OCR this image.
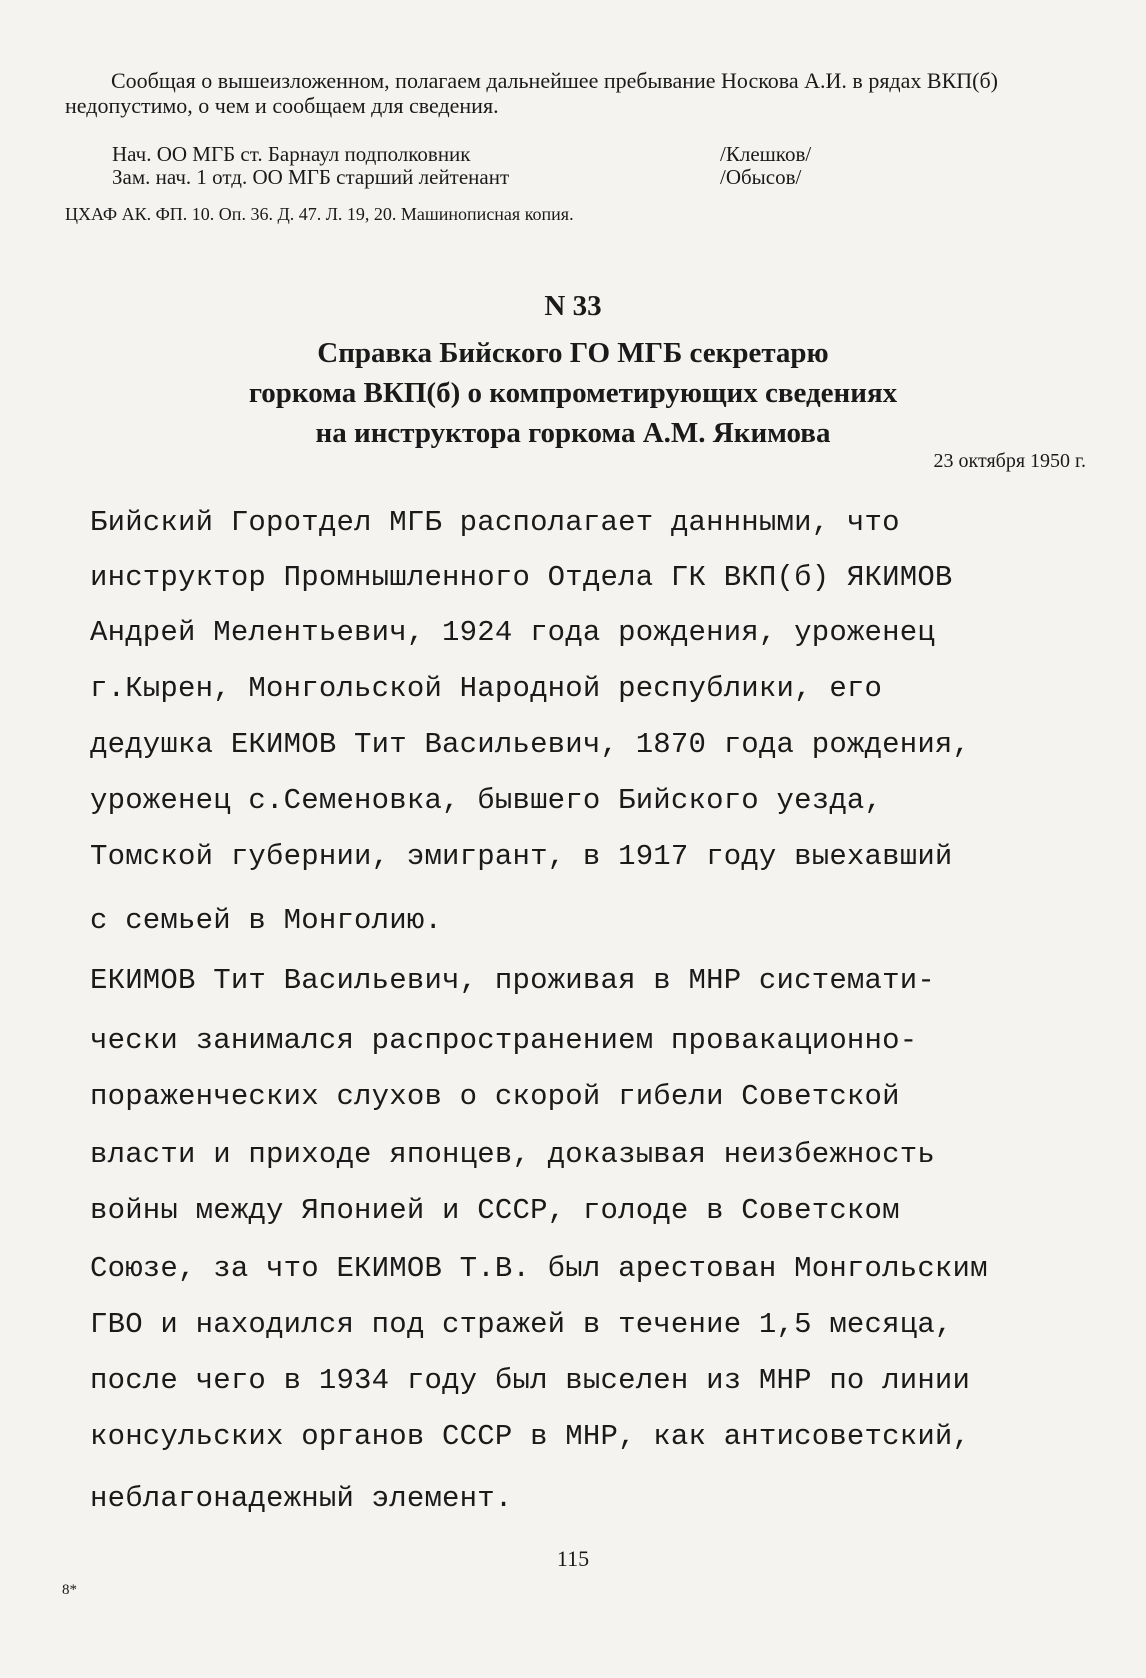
Сообщая о вышеизложенном, полагаем дальнейшее пребывание Носкова А.И. в рядах ВКП(б) недопустимо, о чем и сообщаем для сведения.

Нач. ОО МГБ ст. Барнаул подполковник	/Клешков/
Зам. нач. 1 отд. ОО МГБ старший лейтенант	/Обысов/
ЦХАФ АК. ФП. 10. Оп. 36. Д. 47. Л. 19, 20. Машинописная копия.
N 33
Справка Бийского ГО МГБ секретарю
горкома ВКП(б) о компрометирующих сведениях
на инструктора горкома А.М. Якимова
23 октября 1950 г.
Бийский Горотдел МГБ располагает даннными, что
инструктор Промнышленного Отдела ГК ВКП(б) ЯКИМОВ
Андрей Мелентьевич, 1924 года рождения, уроженец
г.Кырен, Монгольской Народной республики, его
дедушка ЕКИМОВ Тит Васильевич, 1870 года рождения,
уроженец с.Семеновка, бывшего Бийского уезда,
Томской губернии, эмигрант, в 1917 году выехавший
с семьей в Монголию.
ЕКИМОВ Тит Васильевич, проживая в МНР системати-
чески занимался распространением провакационно-
пораженческих слухов о скорой гибели Советской
власти и приходе японцев, доказывая неизбежность
войны между Японией и СССР, голоде в Советском
Союзе, за что ЕКИМОВ Т.В. был арестован Монгольским
ГВО и находился под стражей в течение 1,5 месяца,
после чего в 1934 году был выселен из МНР по линии
консульских органов СССР в МНР, как антисоветский,
неблагонадежный элемент.
115
8*
